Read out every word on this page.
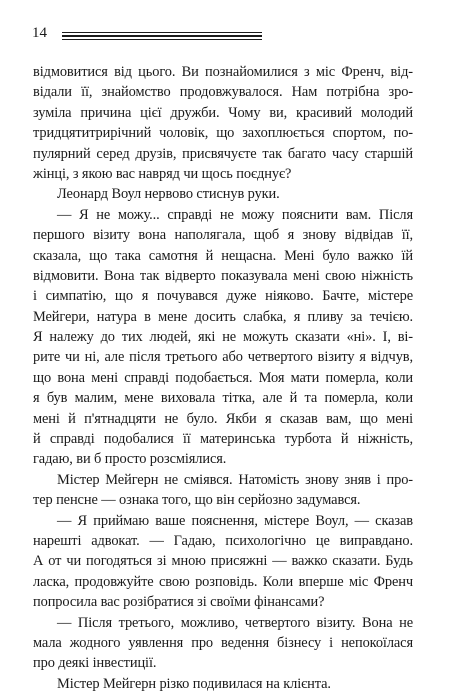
14
відмовитися від цього. Ви познайомилися з міс Френч, від-
відали її, знайомство продовжувалося. Нам потрібна зро-
зуміла причина цієї дружби. Чому ви, красивий молодий
тридцятитрирічний чоловік, що захоплюється спортом, по-
пулярний серед друзів, присвячуєте так багато часу старшій
жінці, з якою вас навряд чи щось поєднує?
Леонард Воул нервово стиснув руки.
— Я не можу... справді не можу пояснити вам. Після
першого візиту вона наполягала, щоб я знову відвідав її,
сказала, що така самотня й нещасна. Мені було важко їй
відмовити. Вона так відверто показувала мені свою ніжність
і симпатію, що я почувався дуже ніяково. Бачте, містере
Мейгери, натура в мене досить слабка, я пливу за течією.
Я належу до тих людей, які не можуть сказати «ні». І, ві-
рите чи ні, але після третього або четвертого візиту я відчув,
що вона мені справді подобається. Моя мати померла, коли
я був малим, мене виховала тітка, але й та померла, коли
мені й п'ятнадцяти не було. Якби я сказав вам, що мені
й справді подобалися її материнська турбота й ніжність,
гадаю, ви б просто розсміялися.
Містер Мейгерн не сміявся. Натомість знову зняв і про-
тер пенсне — ознака того, що він серйозно задумався.
— Я приймаю ваше пояснення, містере Воул, — сказав
нарешті адвокат. — Гадаю, психологічно це виправдано.
А от чи погодяться зі мною присяжні — важко сказати. Будь
ласка, продовжуйте свою розповідь. Коли вперше міс Френч
попросила вас розібратися зі своїми фінансами?
— Після третього, можливо, четвертого візиту. Вона не
мала жодного уявлення про ведення бізнесу і непокоїлася
про деякі інвестиції.
Містер Мейгерн різко подивилася на клієнта.
